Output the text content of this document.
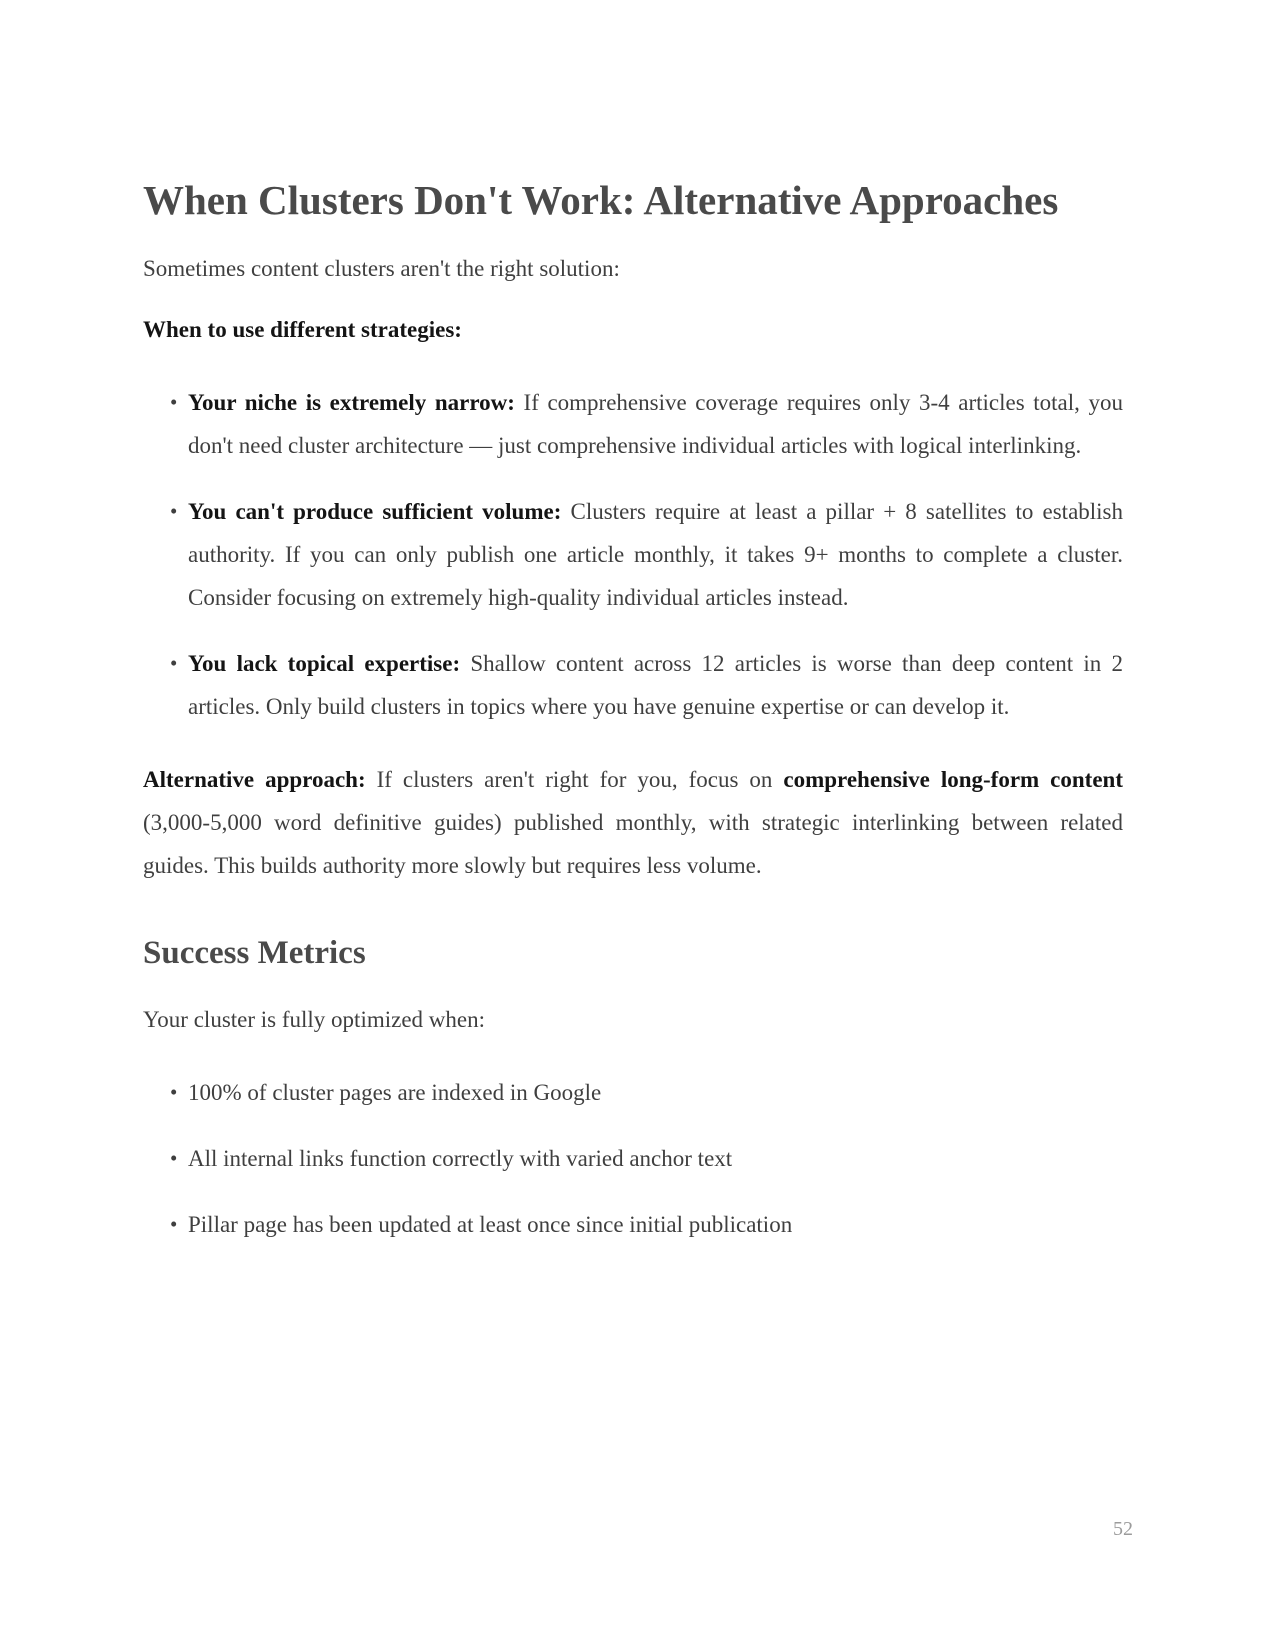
When Clusters Don't Work: Alternative Approaches

Sometimes content clusters aren't the right solution:

When to use different strategies:

• Your niche is extremely narrow: If comprehensive coverage requires only 3-4 articles total, you don't need cluster architecture — just comprehensive individual articles with logical interlinking.
• You can't produce sufficient volume: Clusters require at least a pillar + 8 satellites to establish authority. If you can only publish one article monthly, it takes 9+ months to complete a cluster. Consider focusing on extremely high-quality individual articles instead.
• You lack topical expertise: Shallow content across 12 articles is worse than deep content in 2 articles. Only build clusters in topics where you have genuine expertise or can develop it.

Alternative approach: If clusters aren't right for you, focus on comprehensive long-form content (3,000-5,000 word definitive guides) published monthly, with strategic interlinking between related guides. This builds authority more slowly but requires less volume.

Success Metrics

Your cluster is fully optimized when:

• 100% of cluster pages are indexed in Google
• All internal links function correctly with varied anchor text
• Pillar page has been updated at least once since initial publication
52
